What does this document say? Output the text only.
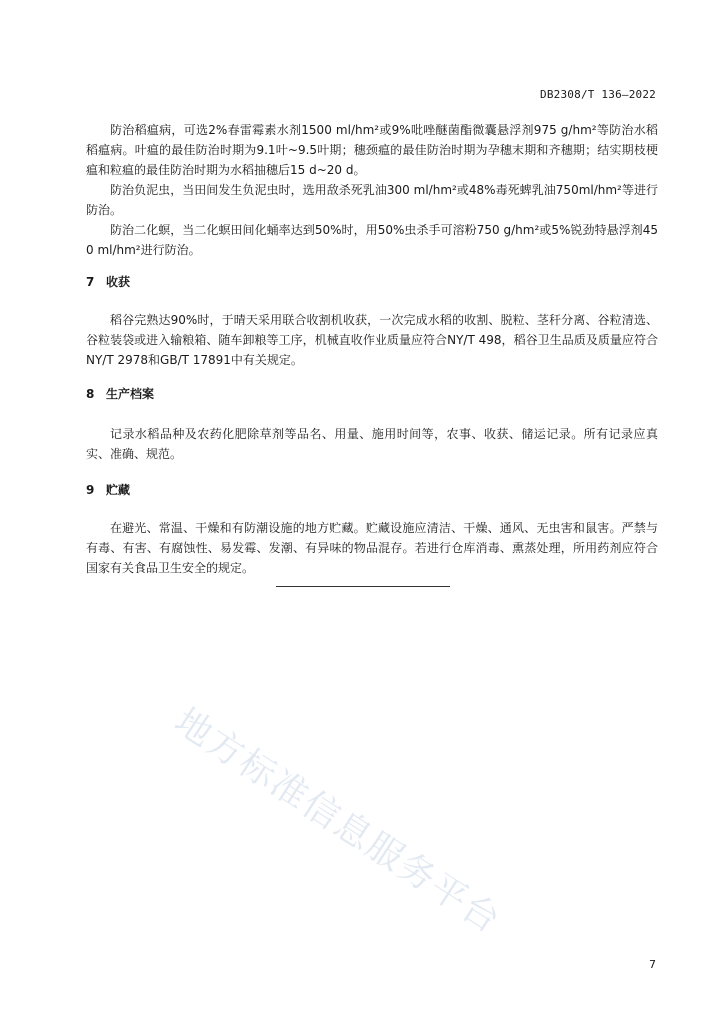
DB2308/T 136—2022

防治稻瘟病，可选2%春雷霉素水剂1500 ml/hm²或9%吡唑醚菌酯微囊悬浮剂975 g/hm²等防治水稻稻瘟病。叶瘟的最佳防治时期为9.1叶~9.5叶期；穗颈瘟的最佳防治时期为孕穗末期和齐穗期；结实期枝梗瘟和粒瘟的最佳防治时期为水稻抽穗后15 d~20 d。

防治负泥虫，当田间发生负泥虫时，选用敌杀死乳油300 ml/hm²或48%毒死蜱乳油750ml/hm²等进行防治。

防治二化螟，当二化螟田间化蛹率达到50%时，用50%虫杀手可溶粉750 g/hm²或5%锐劲特悬浮剂450 ml/hm²进行防治。

7 收获

稻谷完熟达90%时，于晴天采用联合收割机收获，一次完成水稻的收割、脱粒、茎秆分离、谷粒清选、谷粒装袋或进入输粮箱、随车卸粮等工序，机械直收作业质量应符合NY/T 498，稻谷卫生品质及质量应符合NY/T 2978和GB/T 17891中有关规定。

8 生产档案

记录水稻品种及农药化肥除草剂等品名、用量、施用时间等，农事、收获、储运记录。所有记录应真实、准确、规范。

9 贮藏

在避光、常温、干燥和有防潮设施的地方贮藏。贮藏设施应清洁、干燥、通风、无虫害和鼠害。严禁与有毒、有害、有腐蚀性、易发霉、发潮、有异味的物品混存。若进行仓库消毒、熏蒸处理，所用药剂应符合国家有关食品卫生安全的规定。

地方标准信息服务平台
7
